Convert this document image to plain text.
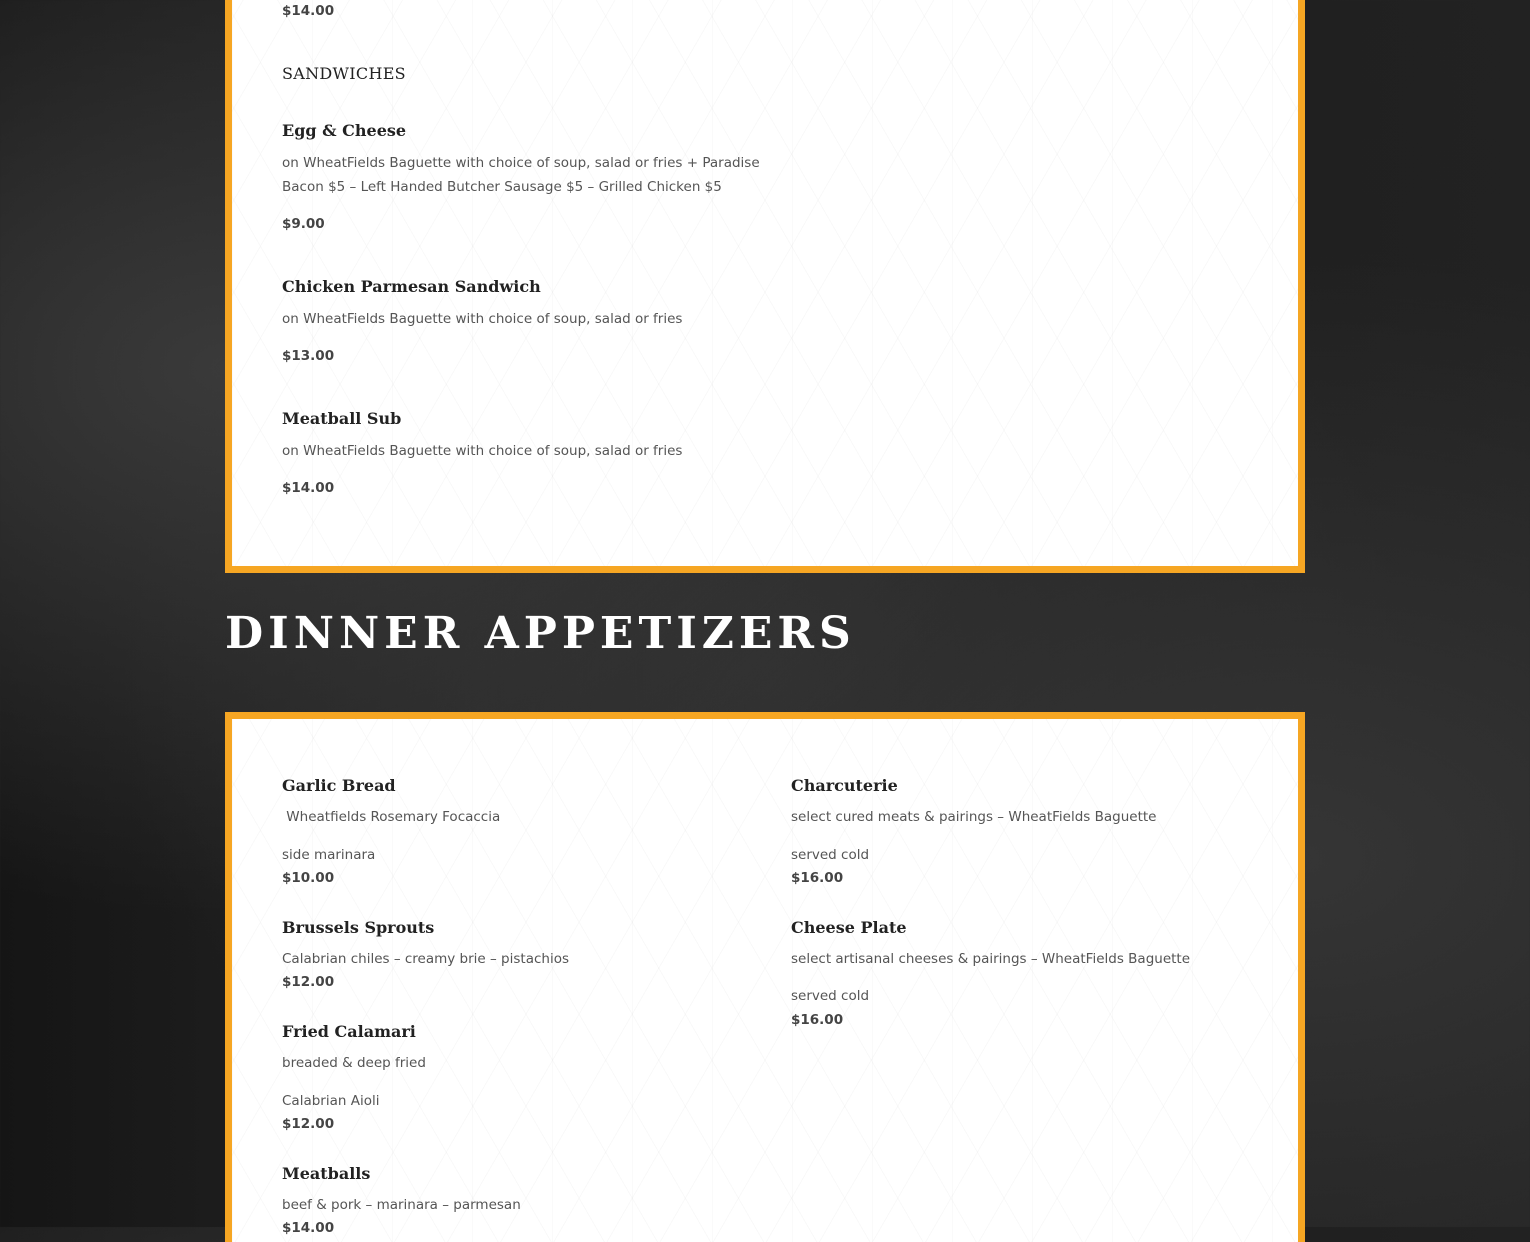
$14.00
SANDWICHES
Egg & Cheese

on WheatFields Baguette with choice of soup, salad or fries + Paradise

Bacon $5 – Left Handed Butcher Sausage $5 – Grilled Chicken $5

$9.00
Chicken Parmesan Sandwich

on WheatFields Baguette with choice of soup, salad or fries

$13.00
Meatball Sub

on WheatFields Baguette with choice of soup, salad or fries

$14.00
DINNER APPETIZERS
Garlic Bread

Wheatfields Rosemary Focaccia

side marinara

$10.00
Brussels Sprouts

Calabrian chiles – creamy brie – pistachios

$12.00
Fried Calamari

breaded & deep fried

Calabrian Aioli

$12.00
Meatballs

beef & pork – marinara – parmesan

$14.00
Charcuterie

select cured meats & pairings – WheatFields Baguette

served cold

$16.00
Cheese Plate

select artisanal cheeses & pairings – WheatFields Baguette

served cold

$16.00
